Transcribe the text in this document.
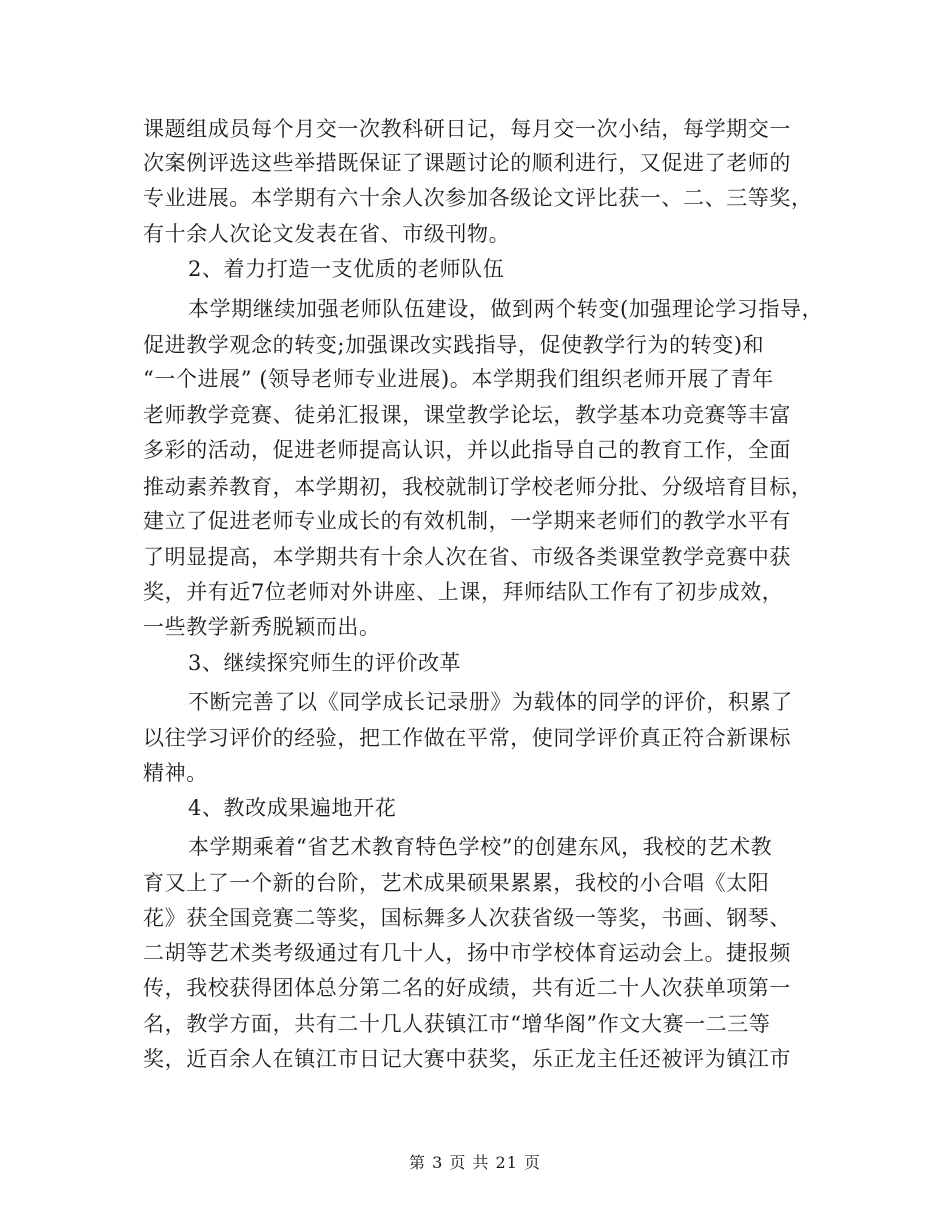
课题组成员每个月交一次教科研日记，每月交一次小结，每学期交一
次案例评选这些举措既保证了课题讨论的顺利进行，又促进了老师的
专业进展。本学期有六十余人次参加各级论文评比获一、二、三等奖，
有十余人次论文发表在省、市级刊物。
2、着力打造一支优质的老师队伍
本学期继续加强老师队伍建设，做到两个转变(加强理论学习指导，
促进教学观念的转变;加强课改实践指导，促使教学行为的转变)和
“一个进展” (领导老师专业进展)。本学期我们组织老师开展了青年
老师教学竞赛、徒弟汇报课，课堂教学论坛，教学基本功竞赛等丰富
多彩的活动，促进老师提高认识，并以此指导自己的教育工作，全面
推动素养教育，本学期初，我校就制订学校老师分批、分级培育目标，
建立了促进老师专业成长的有效机制，一学期来老师们的教学水平有
了明显提高，本学期共有十余人次在省、市级各类课堂教学竞赛中获
奖，并有近7位老师对外讲座、上课，拜师结队工作有了初步成效，
一些教学新秀脱颖而出。
3、继续探究师生的评价改革
不断完善了以《同学成长记录册》为载体的同学的评价，积累了
以往学习评价的经验，把工作做在平常，使同学评价真正符合新课标
精神。
4、教改成果遍地开花
本学期乘着“省艺术教育特色学校”的创建东风，我校的艺术教
育又上了一个新的台阶，艺术成果硕果累累，我校的小合唱《太阳
花》获全国竞赛二等奖，国标舞多人次获省级一等奖，书画、钢琴、
二胡等艺术类考级通过有几十人，扬中市学校体育运动会上。捷报频
传，我校获得团体总分第二名的好成绩，共有近二十人次获单项第一
名，教学方面，共有二十几人获镇江市“增华阁”作文大赛一二三等
奖，近百余人在镇江市日记大赛中获奖，乐正龙主任还被评为镇江市
第 3 页 共 21 页
